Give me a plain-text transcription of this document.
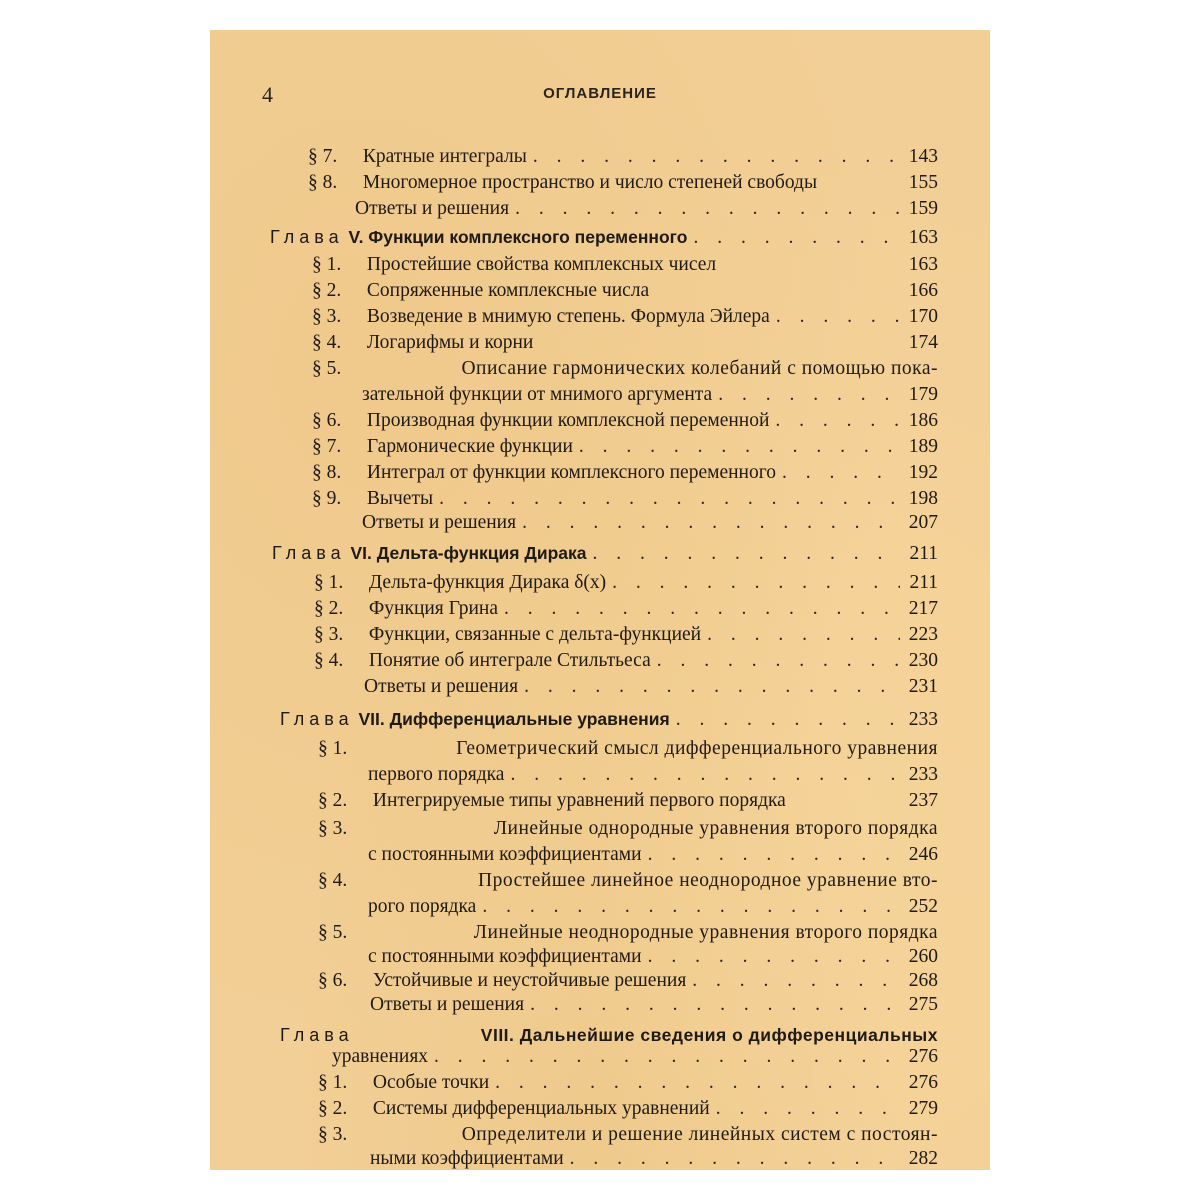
4	ОГЛАВЛЕНИЕ
§ 7.
	Кратные интегралы . . .	143
§ 8.
	Многомерное пространство и число степеней свободы	155
Ответы и решения . . .	159
Глава
V. Функции комплексного переменного . . .	163
§ 1.
	Простейшие свойства комплексных чисел	163
§ 2.
	Сопряженные комплексные числа	166
§ 3.
	Возведение в мнимую степень. Формула Эйлера . . .	170
§ 4.
	Логарифмы и корни	174
§ 5.
	Описание гармонических колебаний с помощью пока-
зательной функции от мнимого аргумента . . .	179
§ 6.
	Производная функции комплексной переменной . . .	186
§ 7.
	Гармонические функции . . .	189
§ 8.
	Интеграл от функции комплексного переменного . . .	192
§ 9.
	Вычеты . . .	198
Ответы и решения . . .	207
Глава
VI. Дельта-функция Дирака . . .	211
§ 1.
	Дельта-функция Дирака δ(x) . . .	211
§ 2.
	Функция Грина . . .	217
§ 3.
	Функции, связанные с дельта-функцией . . .	223
§ 4.
	Понятие об интеграле Стильтьеса . . .	230
Ответы и решения . . .	231
Глава
VII. Дифференциальные уравнения . . .	233
§ 1.
	Геометрический смысл дифференциального уравнения
первого порядка . . .	233
§ 2.
	Интегрируемые типы уравнений первого порядка	237
§ 3.
	Линейные однородные уравнения второго порядка
с постоянными коэффициентами . . .	246
§ 4.
	Простейшее линейное неоднородное уравнение вто-
рого порядка . . .	252
§ 5.
	Линейные неоднородные уравнения второго порядка
с постоянными коэффициентами . . .	260
§ 6.
	Устойчивые и неустойчивые решения . . .	268
Ответы и решения . . .	275
Глава
	VIII. Дальнейшие сведения о дифференциальных
уравнениях . . .	276
§ 1.
	Особые точки . . .	276
§ 2.
	Системы дифференциальных уравнений . . .	279
§ 3.
	Определители и решение линейных систем с постоян-
ными коэффициентами . . .	282
